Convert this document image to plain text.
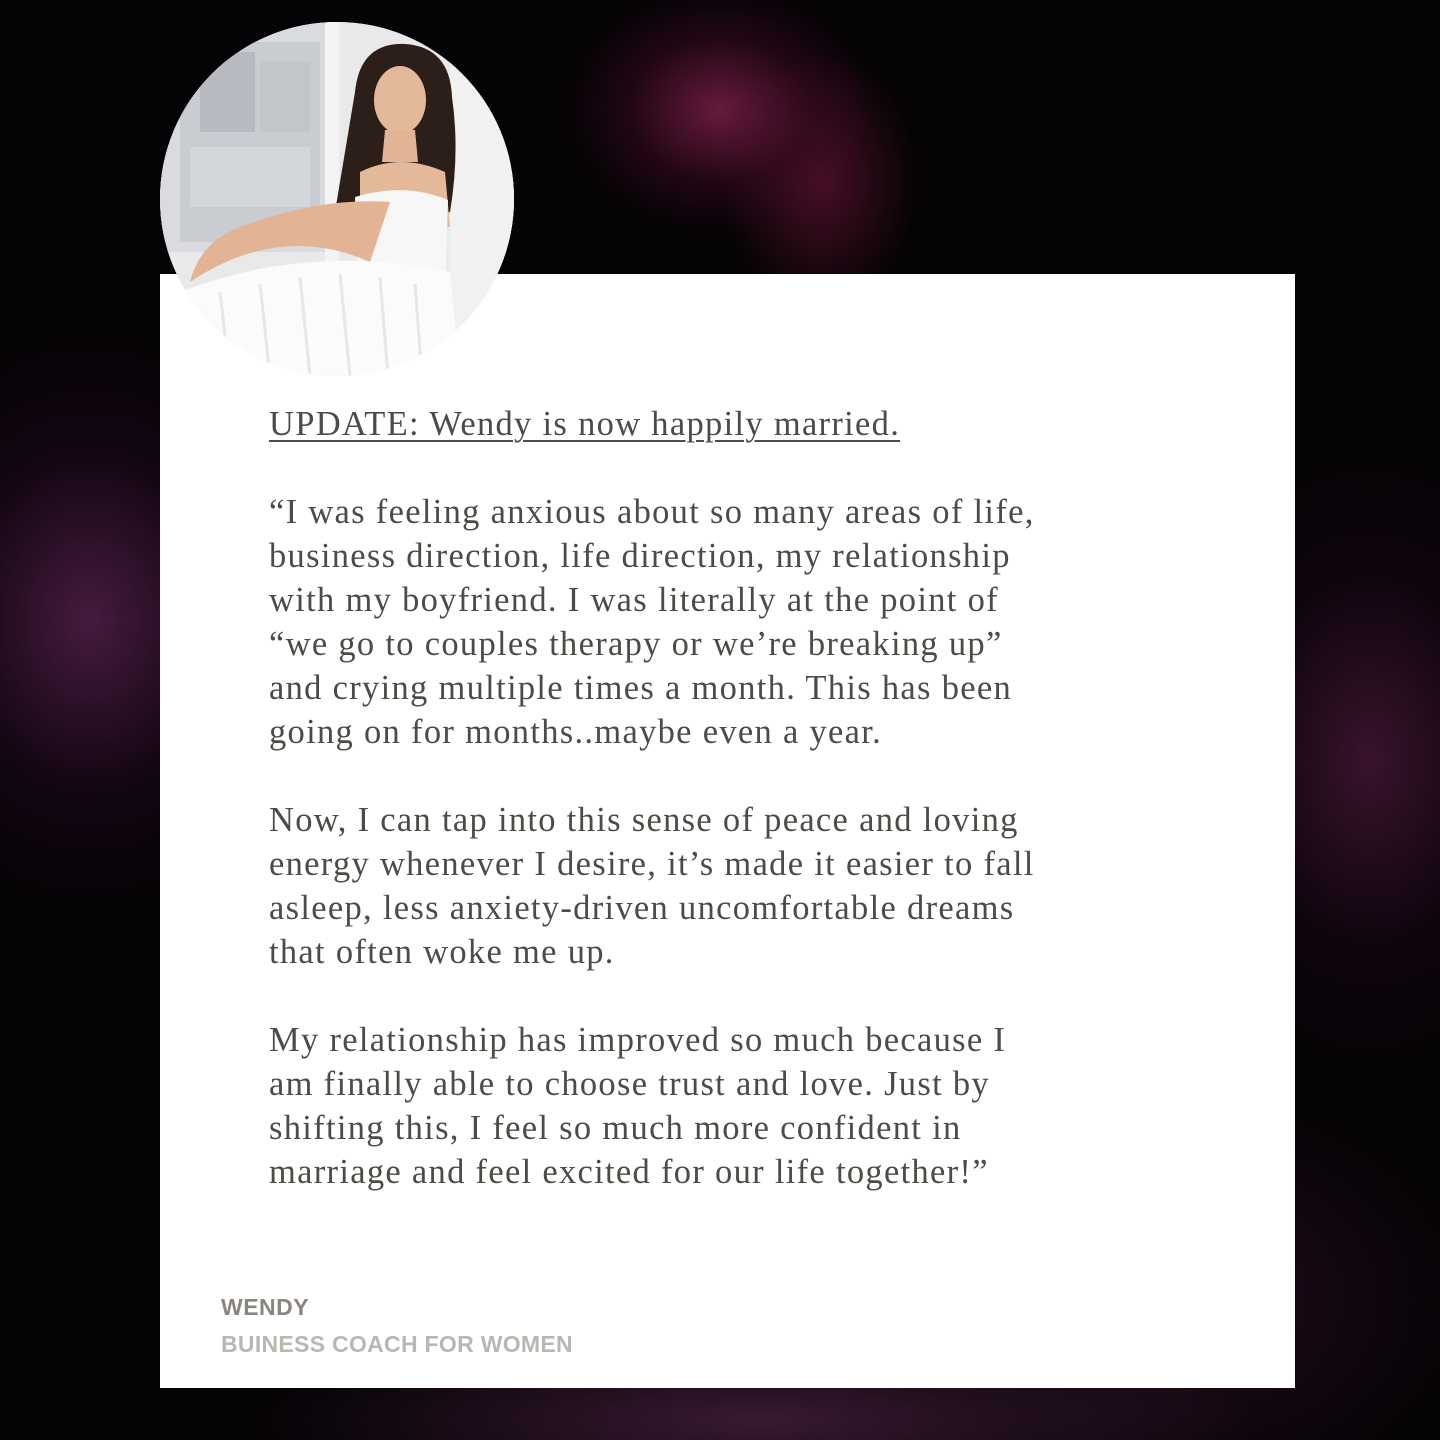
UPDATE: Wendy is now happily married.
“I was feeling anxious about so many areas of life,
business direction, life direction, my relationship
with my boyfriend. I was literally at the point of
“we go to couples therapy or we’re breaking up”
and crying multiple times a month. This has been
going on for months..maybe even a year.
Now, I can tap into this sense of peace and loving
energy whenever I desire, it’s made it easier to fall
asleep, less anxiety-driven uncomfortable dreams
that often woke me up.
My relationship has improved so much because I
am finally able to choose trust and love. Just by
shifting this, I feel so much more confident in
marriage and feel excited for our life together!”
WENDY
BUINESS COACH FOR WOMEN
